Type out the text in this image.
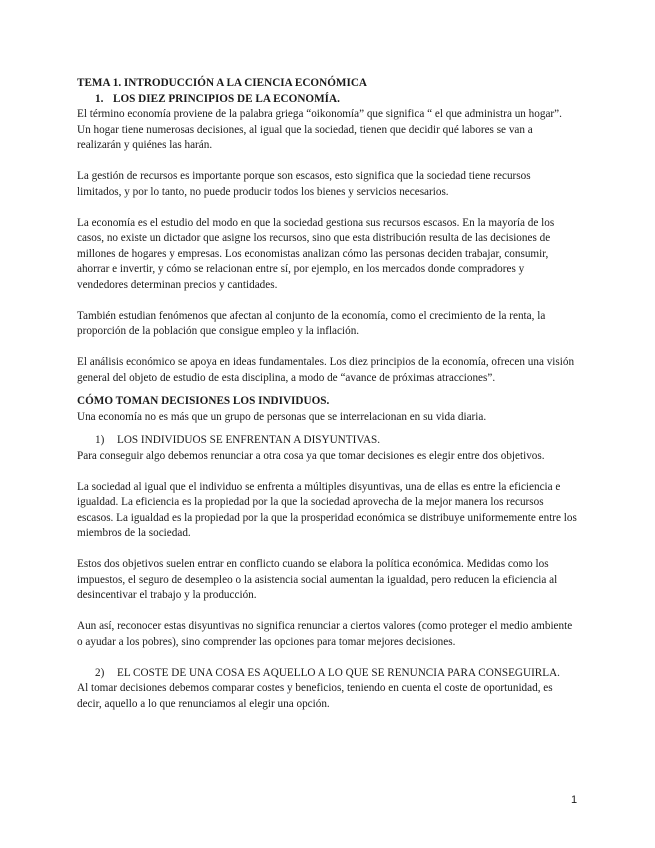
TEMA 1. INTRODUCCIÓN A LA CIENCIA ECONÓMICA

1. LOS DIEZ PRINCIPIOS DE LA ECONOMÍA.

El término economía proviene de la palabra griega “oikonomía” que significa “ el que administra un hogar”. Un hogar tiene numerosas decisiones, al igual que la sociedad, tienen que decidir qué labores se van a realizarán y quiénes las harán.

La gestión de recursos es importante porque son escasos, esto significa que la sociedad tiene recursos limitados, y por lo tanto, no puede producir todos los bienes y servicios necesarios.

La economía es el estudio del modo en que la sociedad gestiona sus recursos escasos. En la mayoría de los casos, no existe un dictador que asigne los recursos, sino que esta distribución resulta de las decisiones de millones de hogares y empresas. Los economistas analizan cómo las personas deciden trabajar, consumir, ahorrar e invertir, y cómo se relacionan entre sí, por ejemplo, en los mercados donde compradores y vendedores determinan precios y cantidades.

También estudian fenómenos que afectan al conjunto de la economía, como el crecimiento de la renta, la proporción de la población que consigue empleo y la inflación.

El análisis económico se apoya en ideas fundamentales. Los diez principios de la economía, ofrecen una visión general del objeto de estudio de esta disciplina, a modo de “avance de próximas atracciones”.

CÓMO TOMAN DECISIONES LOS INDIVIDUOS.

Una economía no es más que un grupo de personas que se interrelacionan en su vida diaria.

1)	LOS INDIVIDUOS SE ENFRENTAN A DISYUNTIVAS.

Para conseguir algo debemos renunciar a otra cosa ya que tomar decisiones es elegir entre dos objetivos.

La sociedad al igual que el individuo se enfrenta a múltiples disyuntivas, una de ellas es entre la eficiencia e igualdad. La eficiencia es la propiedad por la que la sociedad aprovecha de la mejor manera los recursos escasos. La igualdad es la propiedad por la que la prosperidad económica se distribuye uniformemente entre los miembros de la sociedad.

Estos dos objetivos suelen entrar en conflicto cuando se elabora la política económica. Medidas como los impuestos, el seguro de desempleo o la asistencia social aumentan la igualdad, pero reducen la eficiencia al desincentivar el trabajo y la producción.

Aun así, reconocer estas disyuntivas no significa renunciar a ciertos valores (como proteger el medio ambiente o ayudar a los pobres), sino comprender las opciones para tomar mejores decisiones.

2)	EL COSTE DE UNA COSA ES AQUELLO A LO QUE SE RENUNCIA PARA CONSEGUIRLA.

Al tomar decisiones debemos comparar costes y beneficios, teniendo en cuenta el coste de oportunidad, es decir, aquello a lo que renunciamos al elegir una opción.

1
